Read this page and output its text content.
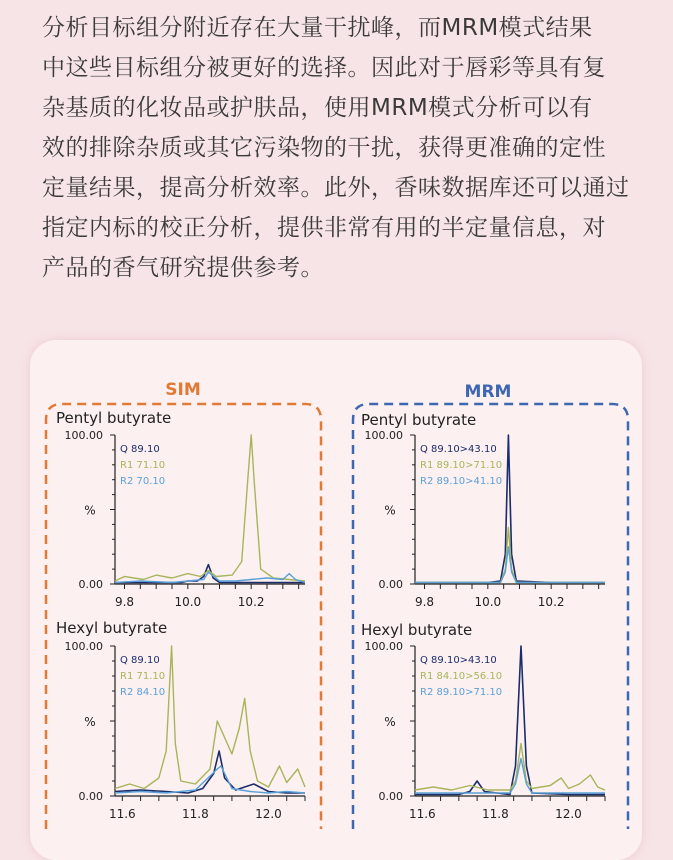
分析目标组分附近存在大量干扰峰，而MRM模式结果
中这些目标组分被更好的选择。因此对于唇彩等具有复
杂基质的化妆品或护肤品，使用MRM模式分析可以有
效的排除杂质或其它污染物的干扰，获得更准确的定性
定量结果，提高分析效率。此外，香味数据库还可以通过
指定内标的校正分析，提供非常有用的半定量信息，对
产品的香气研究提供参考。
SIM	MRM
Pentyl butyrate
100.00
0.00
%
9.8	10.0	10.2
Q 89.10
R1 71.10
R2 70.10
Hexyl butyrate
100.00
0.00
%
11.6	11.8	12.0
Q 89.10
R1 71.10
R2 84.10
Pentyl butyrate
100.00
0.00
%
9.8	10.0	10.2
Q 89.10>43.10
R1 89.10>71.10
R2 89.10>41.10
Hexyl butyrate
100.00
0.00
%
11.6	11.8	12.0
Q 89.10>43.10
R1 84.10>56.10
R2 89.10>71.10
